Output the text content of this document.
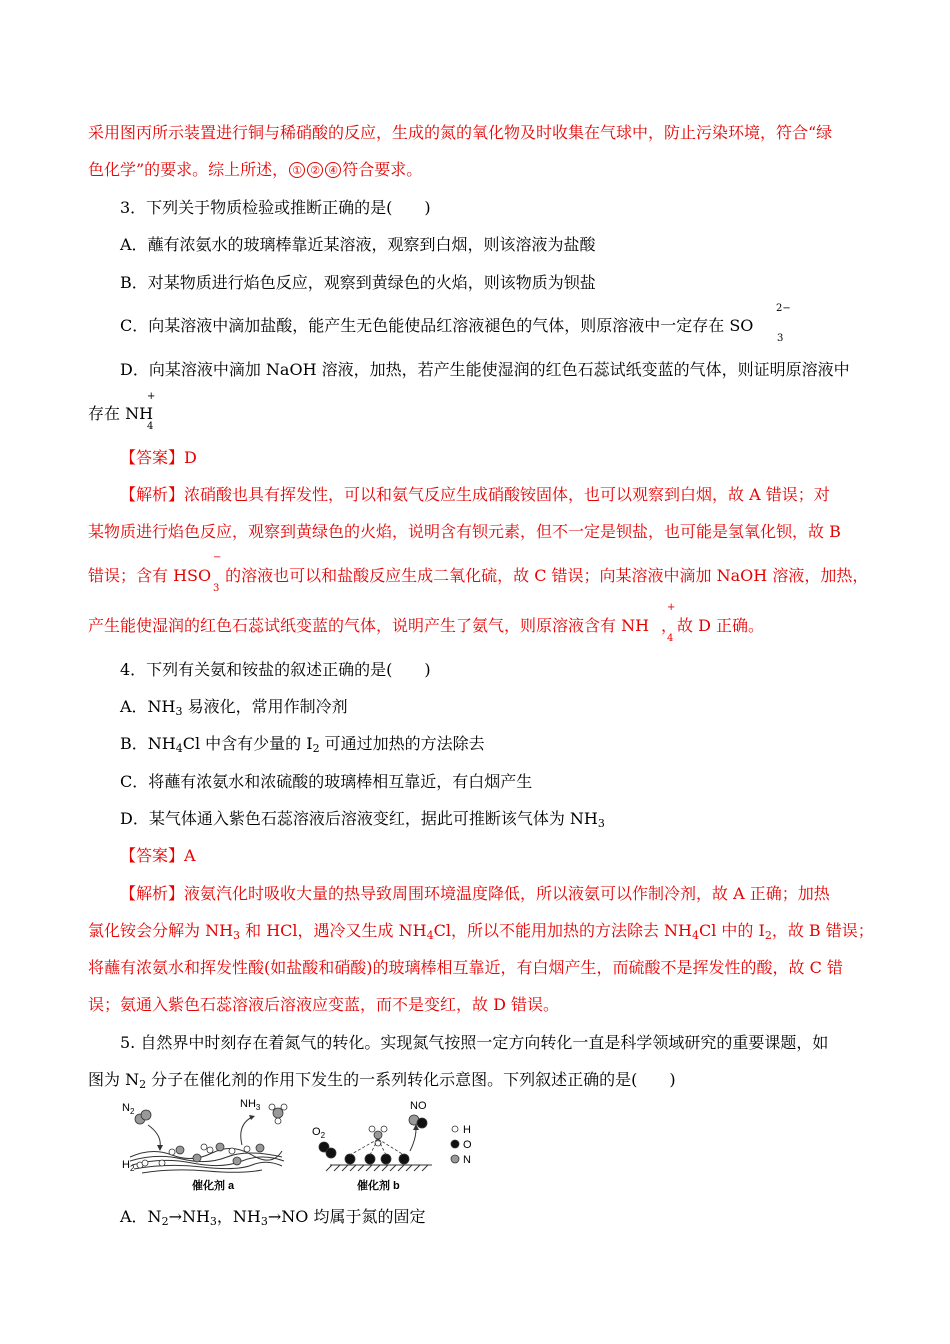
采用图丙所示装置进行铜与稀硝酸的反应，生成的氮的氧化物及时收集在气球中，防止污染环境，符合“绿
色化学”的要求。综上所述， ① ② ④ 符合要求。
3．下列关于物质检验或推断正确的是(　　)
A．蘸有浓氨水的玻璃棒靠近某溶液，观察到白烟，则该溶液为盐酸
B．对某物质进行焰色反应，观察到黄绿色的火焰，则该物质为钡盐
C．向某溶液中滴加盐酸，能产生无色能使品红溶液褪色的气体，则原溶液中一定存在 SO
2−
3
D．向某溶液中滴加 NaOH 溶液，加热，若产生能使湿润的红色石蕊试纸变蓝的气体，则证明原溶液中
存在 NH
+
4
【答案】D
【解析】浓硝酸也具有挥发性，可以和氨气反应生成硝酸铵固体，也可以观察到白烟，故 A 错误；对
某物质进行焰色反应，观察到黄绿色的火焰，说明含有钡元素，但不一定是钡盐，也可能是氢氧化钡，故 B
错误；含有 HSO 的溶液也可以和盐酸反应生成二氧化硫，故 C 错误；向某溶液中滴加 NaOH 溶液，加热，
−
3
产生能使湿润的红色石蕊试纸变蓝的气体，说明产生了氨气，则原溶液含有 NH ，故 D 正确。
+
4
4．下列有关氨和铵盐的叙述正确的是(　　)
A．NH3 易液化，常用作制冷剂
B．NH4Cl 中含有少量的 I2 可通过加热的方法除去
C．将蘸有浓氨水和浓硫酸的玻璃棒相互靠近，有白烟产生
D．某气体通入紫色石蕊溶液后溶液变红，据此可推断该气体为 NH3
【答案】A
【解析】液氨汽化时吸收大量的热导致周围环境温度降低，所以液氨可以作制冷剂，故 A 正确；加热
氯化铵会分解为 NH3 和 HCl，遇冷又生成 NH4Cl，所以不能用加热的方法除去 NH4Cl 中的 I2，故 B 错误；
将蘸有浓氨水和挥发性酸(如盐酸和硝酸)的玻璃棒相互靠近，有白烟产生，而硫酸不是挥发性的酸，故 C 错
误；氨通入紫色石蕊溶液后溶液应变蓝，而不是变红，故 D 错误。
5. 自然界中时刻存在着氮气的转化。实现氮气按照一定方向转化一直是科学领域研究的重要课题，如
图为 N2 分子在催化剂的作用下发生的一系列转化示意图。下列叙述正确的是(　　)
$N_2$
$NH_3$
$H_2$
催化剂 a
$O_2$
NO
催化剂 b
H
O
N
A．N2→NH3，NH3→NO 均属于氮的固定
